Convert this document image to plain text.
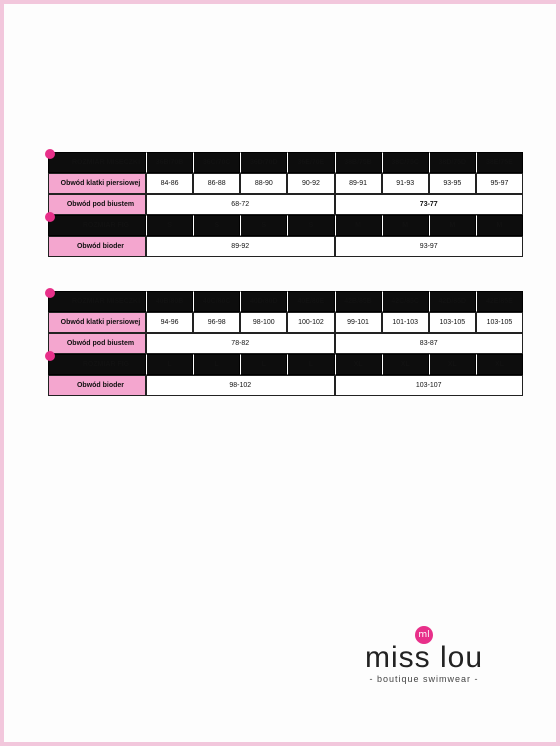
ROZMIAR MISECZKI	36B/70B	36C/70C	36D/70D	36E/70E	38B/75B	38C/75C	38D/75D	38E/75E
Obwód klatki piersiowej	84-86	86-88	88-90	90-92	89-91	91-93	93-95	95-97
Obwód pod biustem	68-72				73-77			

ROZMIAR FIG	S	S	S	S	M	M	M	M
Obwód bioder	89-92				93-97			
ROZMIAR MISECZKI	40B/80B	40C/80C	40D/80D	40E/80E	42B/85B	42C/85C	42D/85D	42E/85E
Obwód klatki piersiowej	94-96	96-98	98-100	100-102	99-101	101-103	103-105	103-105
Obwód pod biustem	78-82				83-87			

ROZMIAR FIG	L	L	L	L	XL	XL	XL	XL
Obwód bioder	98-102				103-107			
ml
miss lou
- boutique swimwear -
